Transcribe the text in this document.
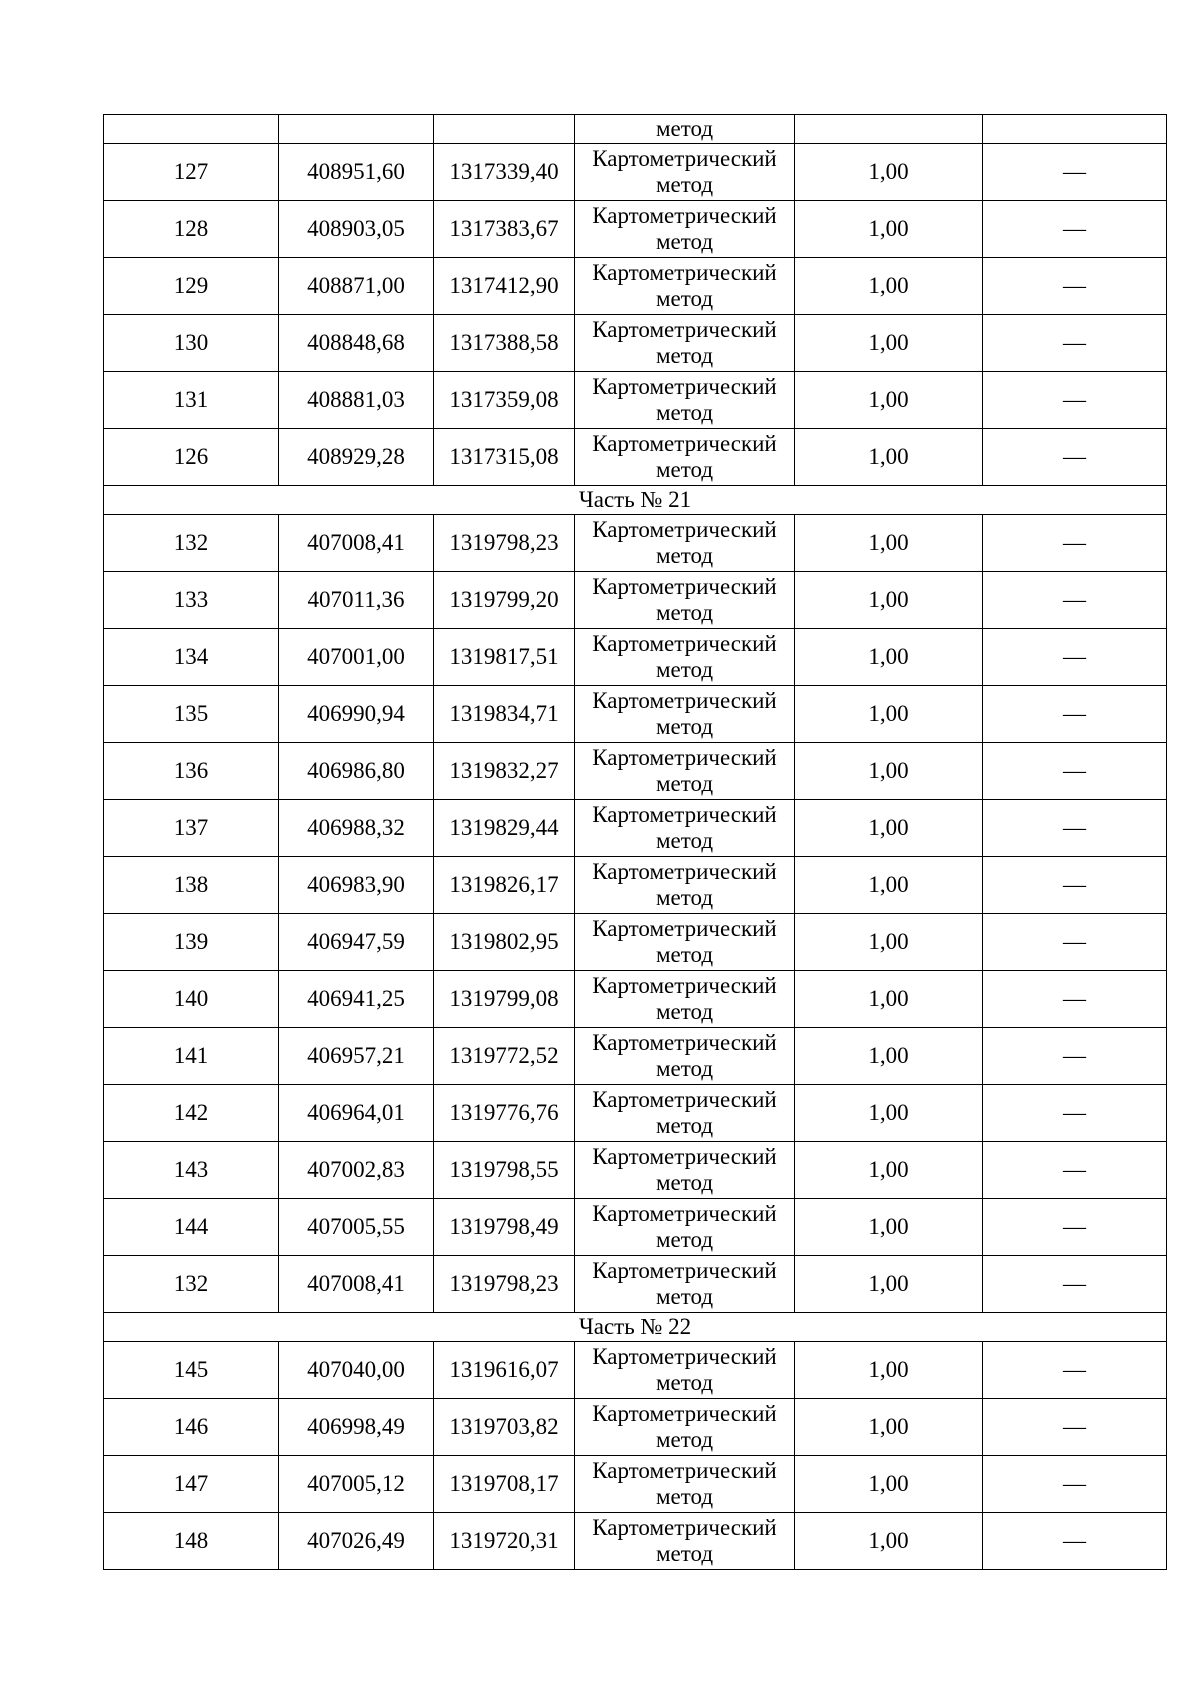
			метод		

127	408951,60	1317339,40	Картометрический
метод	1,00	—
128	408903,05	1317383,67	Картометрический
метод	1,00	—
129	408871,00	1317412,90	Картометрический
метод	1,00	—
130	408848,68	1317388,58	Картометрический
метод	1,00	—
131	408881,03	1317359,08	Картометрический
метод	1,00	—
126	408929,28	1317315,08	Картометрический
метод	1,00	—
Часть № 21					
132	407008,41	1319798,23	Картометрический
метод	1,00	—
133	407011,36	1319799,20	Картометрический
метод	1,00	—
134	407001,00	1319817,51	Картометрический
метод	1,00	—
135	406990,94	1319834,71	Картометрический
метод	1,00	—
136	406986,80	1319832,27	Картометрический
метод	1,00	—
137	406988,32	1319829,44	Картометрический
метод	1,00	—
138	406983,90	1319826,17	Картометрический
метод	1,00	—
139	406947,59	1319802,95	Картометрический
метод	1,00	—
140	406941,25	1319799,08	Картометрический
метод	1,00	—
141	406957,21	1319772,52	Картометрический
метод	1,00	—
142	406964,01	1319776,76	Картометрический
метод	1,00	—
143	407002,83	1319798,55	Картометрический
метод	1,00	—
144	407005,55	1319798,49	Картометрический
метод	1,00	—
132	407008,41	1319798,23	Картометрический
метод	1,00	—
Часть № 22					
145	407040,00	1319616,07	Картометрический
метод	1,00	—
146	406998,49	1319703,82	Картометрический
метод	1,00	—
147	407005,12	1319708,17	Картометрический
метод	1,00	—
148	407026,49	1319720,31	Картометрический
метод	1,00	—
